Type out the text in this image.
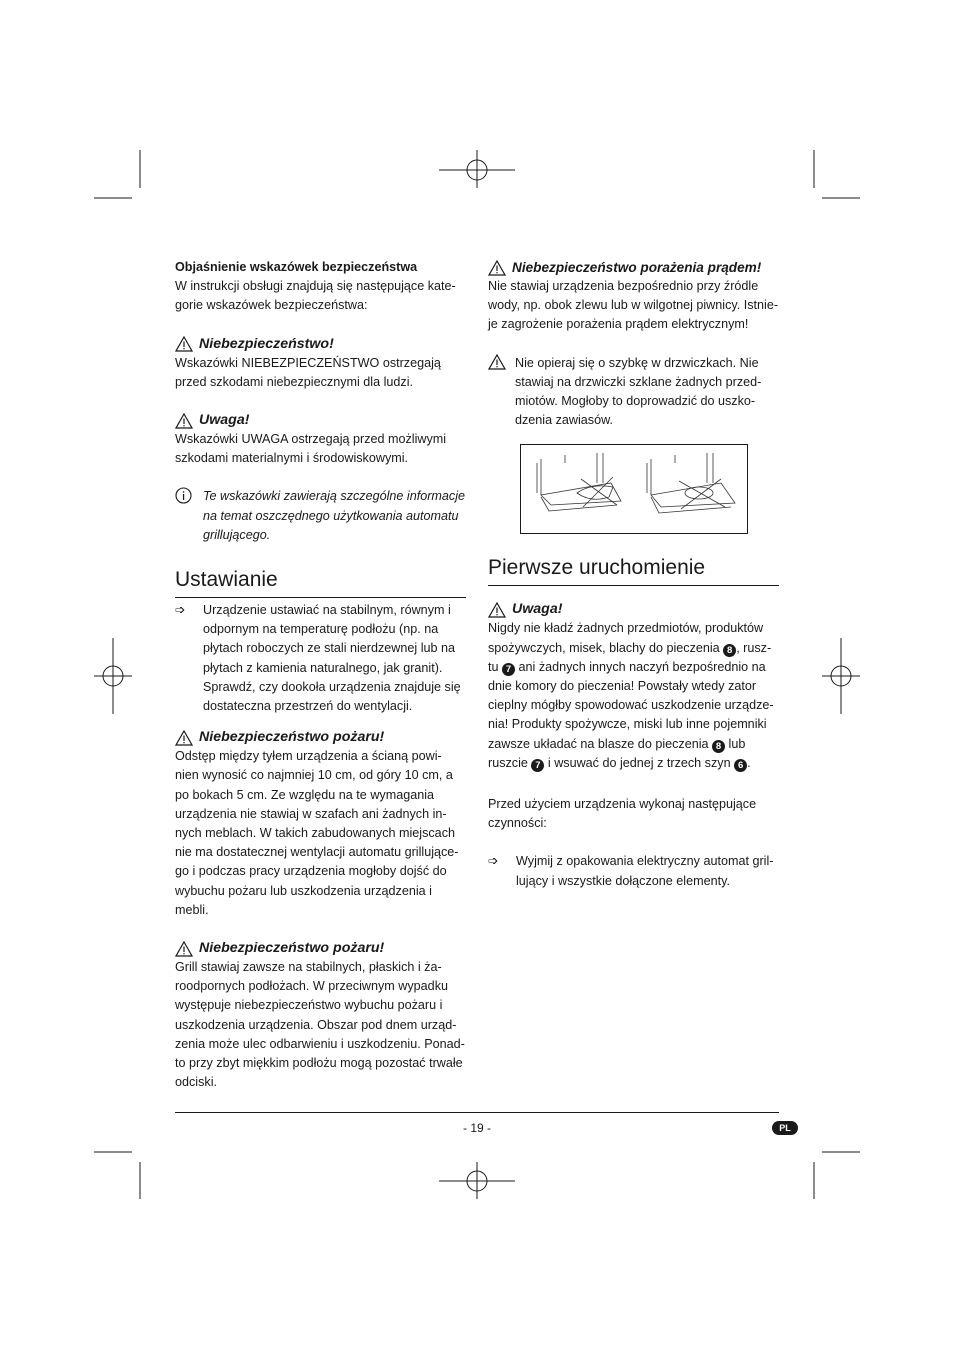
Objaśnienie wskazówek bezpieczeństwa

W instrukcji obsługi znajdują się następujące kate- gorie wskazówek bezpieczeństwa:

Niebezpieczeństwo!

Wskazówki NIEBEZPIECZEŃSTWO ostrzegają przed szkodami niebezpiecznymi dla ludzi.

Uwaga!

Wskazówki UWAGA ostrzegają przed możliwymi szkodami materialnymi i środowiskowymi.

Te wskazówki zawierają szczególne informacje na temat oszczędnego użytkowania automatu grillującego.
Ustawianie
➩	Urządzenie ustawiać na stabilnym, równym i odpornym na temperaturę podłożu (np. na płytach roboczych ze stali nierdzewnej lub na płytach z kamienia naturalnego, jak granit). Sprawdź, czy dookoła urządzenia znajduje się dostateczna przestrzeń do wentylacji.
Niebezpieczeństwo pożaru!

Odstęp między tyłem urządzenia a ścianą powi- nien wynosić co najmniej 10 cm, od góry 10 cm, a po bokach 5 cm. Ze względu na te wymagania urządzenia nie stawiaj w szafach ani żadnych in- nych meblach. W takich zabudowanych miejscach nie ma dostatecznej wentylacji automatu grillujące- go i podczas pracy urządzenia mogłoby dojść do wybuchu pożaru lub uszkodzenia urządzenia i mebli.

Niebezpieczeństwo pożaru!

Grill stawiaj zawsze na stabilnych, płaskich i ża- roodpornych podłożach. W przeciwnym wypadku występuje niebezpieczeństwo wybuchu pożaru i uszkodzenia urządzenia. Obszar pod dnem urząd- zenia może ulec odbarwieniu i uszkodzeniu. Ponad- to przy zbyt miękkim podłożu mogą pozostać trwałe odciski.

Niebezpieczeństwo porażenia prądem!

Nie stawiaj urządzenia bezpośrednio przy źródle wody, np. obok zlewu lub w wilgotnej piwnicy. Istnie- je zagrożenie porażenia prądem elektrycznym!

Nie opieraj się o szybkę w drzwiczkach. Nie stawiaj na drzwiczki szklane żadnych przed- miotów. Mogłoby to doprowadzić do uszko- dzenia zawiasów.
Pierwsze uruchomienie
Uwaga!

Nigdy nie kładź żadnych przedmiotów, produktów spożywczych, misek, blachy do pieczenia 8 , rusz- tu 7 ani żadnych innych naczyń bezpośrednio na dnie komory do pieczenia! Powstały wtedy zator cieplny mógłby spowodować uszkodzenie urządze- nia! Produkty spożywcze, miski lub inne pojemniki zawsze układać na blasze do pieczenia 8 lub ruszcie 7 i wsuwać do jednej z trzech szyn 6 .

Przed użyciem urządzenia wykonaj następujące czynności:

➩	Wyjmij z opakowania elektryczny automat gril- lujący i wszystkie dołączone elementy.
- 19 -	PL
